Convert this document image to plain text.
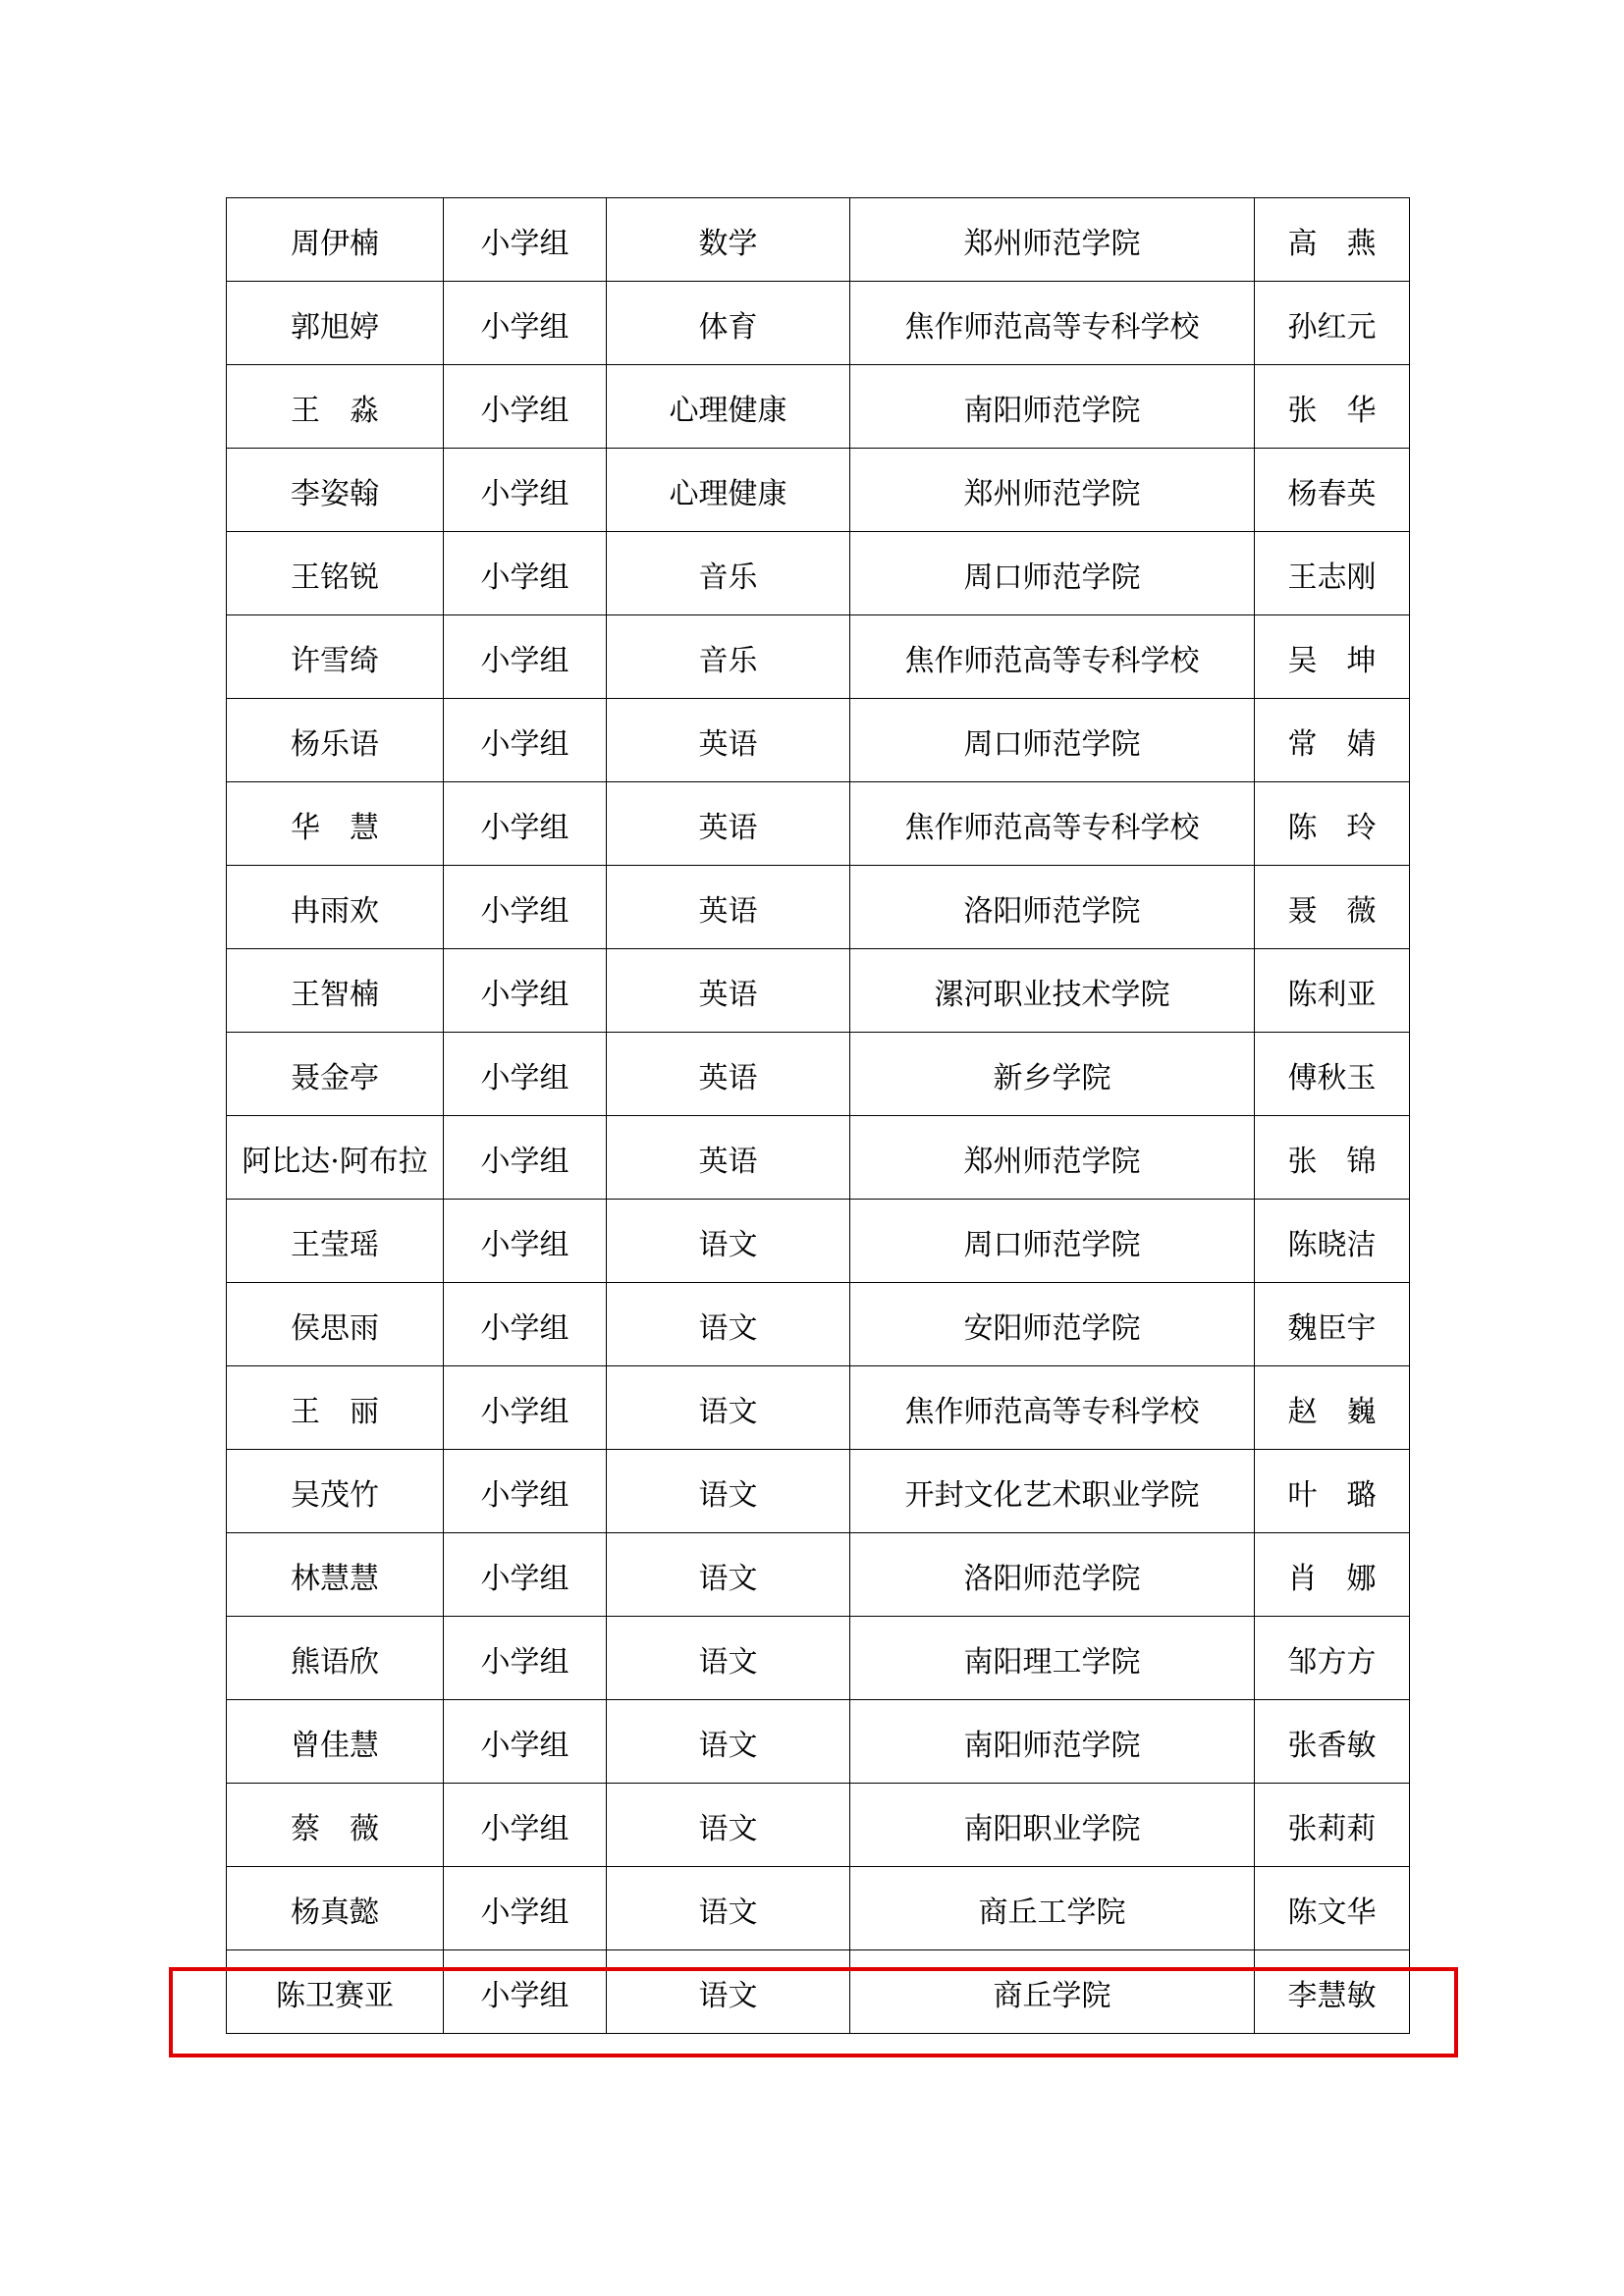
周伊楠	小学组	数学	郑州师范学院	高　燕
郭旭婷	小学组	体育	焦作师范高等专科学校	孙红元
王　淼	小学组	心理健康	南阳师范学院	张　华
李姿翰	小学组	心理健康	郑州师范学院	杨春英
王铭锐	小学组	音乐	周口师范学院	王志刚
许雪绮	小学组	音乐	焦作师范高等专科学校	吴　坤
杨乐语	小学组	英语	周口师范学院	常　婧
华　慧	小学组	英语	焦作师范高等专科学校	陈　玲
冉雨欢	小学组	英语	洛阳师范学院	聂　薇
王智楠	小学组	英语	漯河职业技术学院	陈利亚
聂金亭	小学组	英语	新乡学院	傅秋玉
阿比达·阿布拉	小学组	英语	郑州师范学院	张　锦
王莹瑶	小学组	语文	周口师范学院	陈晓洁
侯思雨	小学组	语文	安阳师范学院	魏臣宇
王　丽	小学组	语文	焦作师范高等专科学校	赵　巍
吴茂竹	小学组	语文	开封文化艺术职业学院	叶　璐
林慧慧	小学组	语文	洛阳师范学院	肖　娜
熊语欣	小学组	语文	南阳理工学院	邹方方
曾佳慧	小学组	语文	南阳师范学院	张香敏
蔡　薇	小学组	语文	南阳职业学院	张莉莉
杨真懿	小学组	语文	商丘工学院	陈文华
陈卫赛亚	小学组	语文	商丘学院	李慧敏
